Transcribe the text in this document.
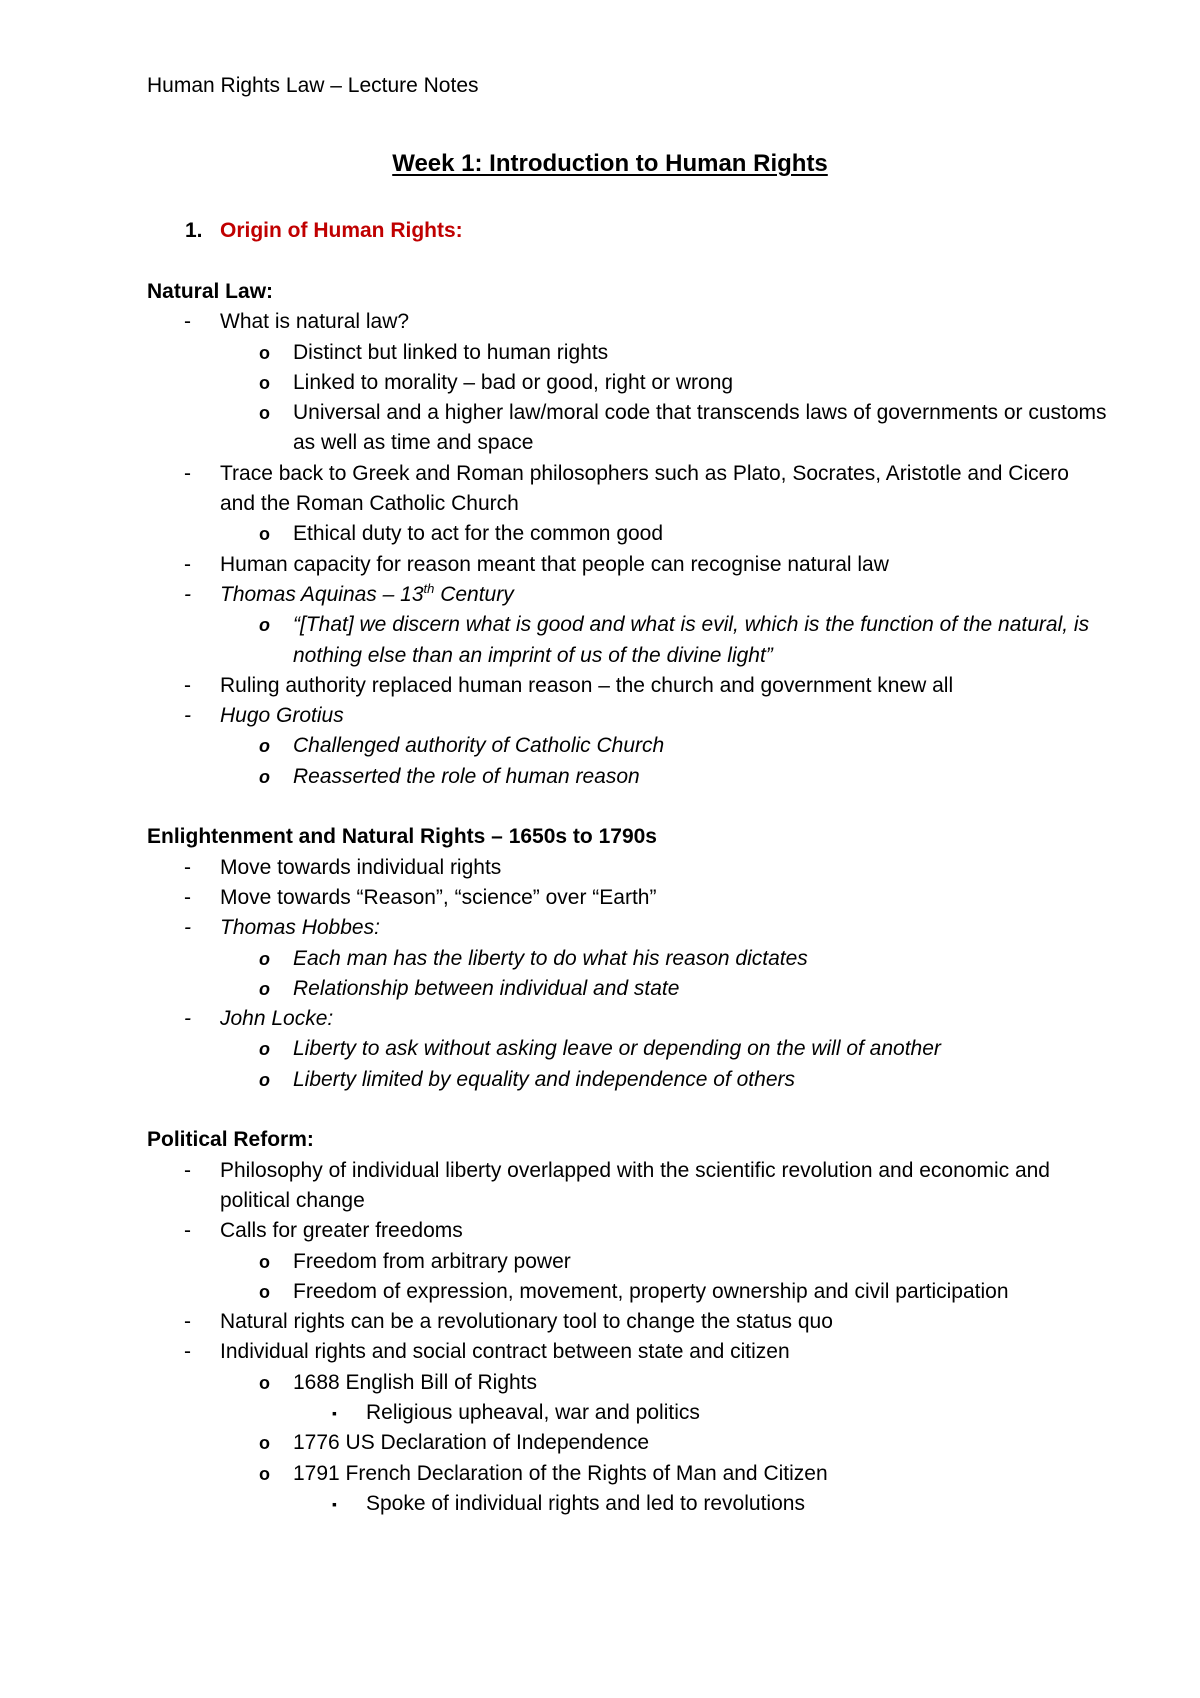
Human Rights Law – Lecture Notes
Week 1: Introduction to Human Rights
1. Origin of Human Rights:
Natural Law:
- What is natural law?
o Distinct but linked to human rights
o Linked to morality – bad or good, right or wrong
o Universal and a higher law/moral code that transcends laws of governments or customs as well as time and space
- Trace back to Greek and Roman philosophers such as Plato, Socrates, Aristotle and Cicero and the Roman Catholic Church
o Ethical duty to act for the common good
- Human capacity for reason meant that people can recognise natural law
- Thomas Aquinas – 13th Century
o “[That] we discern what is good and what is evil, which is the function of the natural, is nothing else than an imprint of us of the divine light”
- Ruling authority replaced human reason – the church and government knew all
- Hugo Grotius
o Challenged authority of Catholic Church
o Reasserted the role of human reason
Enlightenment and Natural Rights – 1650s to 1790s
- Move towards individual rights
- Move towards “Reason”, “science” over “Earth”
- Thomas Hobbes:
o Each man has the liberty to do what his reason dictates
o Relationship between individual and state
- John Locke:
o Liberty to ask without asking leave or depending on the will of another
o Liberty limited by equality and independence of others
Political Reform:
- Philosophy of individual liberty overlapped with the scientific revolution and economic and political change
- Calls for greater freedoms
o Freedom from arbitrary power
o Freedom of expression, movement, property ownership and civil participation
- Natural rights can be a revolutionary tool to change the status quo
- Individual rights and social contract between state and citizen
o 1688 English Bill of Rights
▪ Religious upheaval, war and politics
o 1776 US Declaration of Independence
o 1791 French Declaration of the Rights of Man and Citizen
▪ Spoke of individual rights and led to revolutions
